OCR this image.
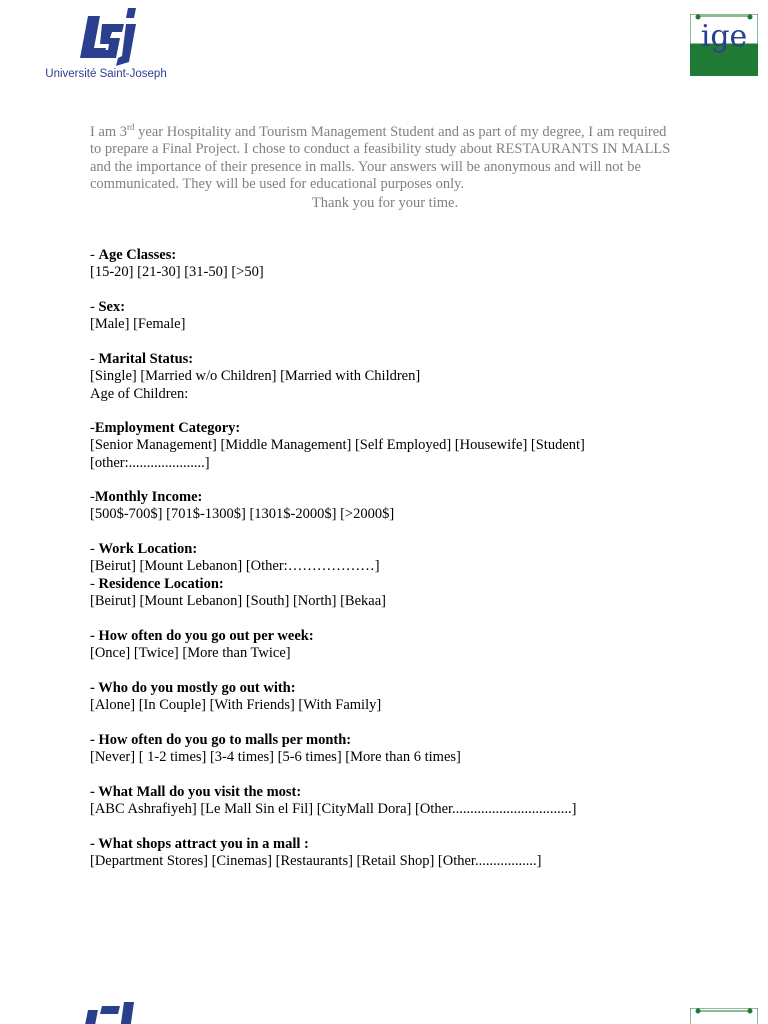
Université Saint-Joseph
ige
I am 3rd year Hospitality and Tourism Management Student and as part of my degree, I am required to prepare a Final Project. I chose to conduct a feasibility study about RESTAURANTS IN MALLS and the importance of their presence in malls. Your answers will be anonymous and will not be communicated. They will be used for educational purposes only.
Thank you for your time.
- Age Classes:
[15-20] [21-30] [31-50] [>50]
- Sex:
[Male] [Female]
- Marital Status:
[Single] [Married w/o Children] [Married with Children]
Age of Children:
-Employment Category:
[Senior Management] [Middle Management] [Self Employed] [Housewife] [Student]
[other:.....................]
-Monthly Income:
[500$-700$] [701$-1300$] [1301$-2000$] [>2000$]
- Work Location:
[Beirut] [Mount Lebanon] [Other:………………]
- Residence Location:
[Beirut] [Mount Lebanon] [South] [North] [Bekaa]
- How often do you go out per week:
[Once] [Twice] [More than Twice]
- Who do you mostly go out with:
[Alone] [In Couple] [With Friends] [With Family]
- How often do you go to malls per month:
[Never] [ 1-2 times] [3-4 times] [5-6 times] [More than 6 times]
- What Mall do you visit the most:
[ABC Ashrafiyeh] [Le Mall Sin el Fil] [CityMall Dora] [Other.................................]
- What shops attract you in a mall :
[Department Stores] [Cinemas] [Restaurants] [Retail Shop] [Other.................]
